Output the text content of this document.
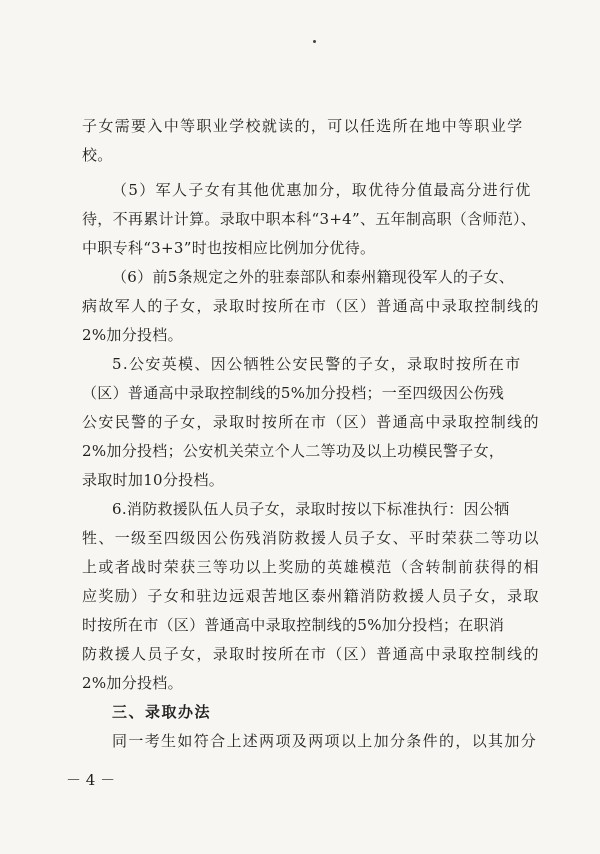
子女需要入中等职业学校就读的，可以任选所在地中等职业学
校。
（5）军人子女有其他优惠加分，取优待分值最高分进行优
待，不再累计计算。录取中职本科“3+4”、五年制高职（含师范）、
中职专科“3+3”时也按相应比例加分优待。
（6）前5条规定之外的驻泰部队和泰州籍现役军人的子女、
病故军人的子女，录取时按所在市（区）普通高中录取控制线的
2%加分投档。
5.公安英模、因公牺牲公安民警的子女，录取时按所在市
（区）普通高中录取控制线的5%加分投档；一至四级因公伤残
公安民警的子女，录取时按所在市（区）普通高中录取控制线的
2%加分投档；公安机关荣立个人二等功及以上功模民警子女，
录取时加10分投档。
6.消防救援队伍人员子女，录取时按以下标准执行：因公牺
牲、一级至四级因公伤残消防救援人员子女、平时荣获二等功以
上或者战时荣获三等功以上奖励的英雄模范（含转制前获得的相
应奖励）子女和驻边远艰苦地区泰州籍消防救援人员子女，录取
时按所在市（区）普通高中录取控制线的5%加分投档；在职消
防救援人员子女，录取时按所在市（区）普通高中录取控制线的
2%加分投档。
三、录取办法
同一考生如符合上述两项及两项以上加分条件的，以其加分
－ 4 －
